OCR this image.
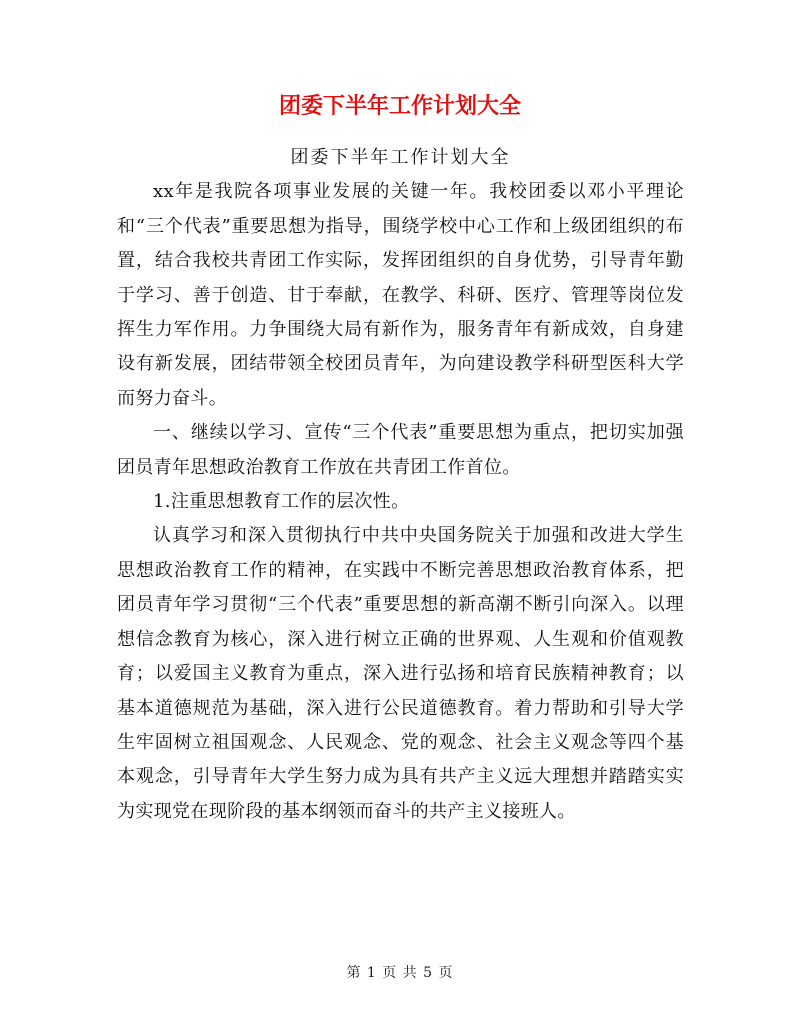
团委下半年工作计划大全

团委下半年工作计划大全

xx年是我院各项事业发展的关键一年。我校团委以邓小平理论和“三个代表”重要思想为指导，围绕学校中心工作和上级团组织的布置，结合我校共青团工作实际，发挥团组织的自身优势，引导青年勤于学习、善于创造、甘于奉献，在教学、科研、医疗、管理等岗位发挥生力军作用。力争围绕大局有新作为，服务青年有新成效，自身建设有新发展，团结带领全校团员青年，为向建设教学科研型医科大学而努力奋斗。

一、继续以学习、宣传“三个代表”重要思想为重点，把切实加强团员青年思想政治教育工作放在共青团工作首位。

1.注重思想教育工作的层次性。

认真学习和深入贯彻执行中共中央国务院关于加强和改进大学生思想政治教育工作的精神，在实践中不断完善思想政治教育体系，把团员青年学习贯彻“三个代表”重要思想的新高潮不断引向深入。以理想信念教育为核心，深入进行树立正确的世界观、人生观和价值观教育；以爱国主义教育为重点，深入进行弘扬和培育民族精神教育；以基本道德规范为基础，深入进行公民道德教育。着力帮助和引导大学生牢固树立祖国观念、人民观念、党的观念、社会主义观念等四个基本观念，引导青年大学生努力成为具有共产主义远大理想并踏踏实实为实现党在现阶段的基本纲领而奋斗的共产主义接班人。

第 1 页 共 5 页
